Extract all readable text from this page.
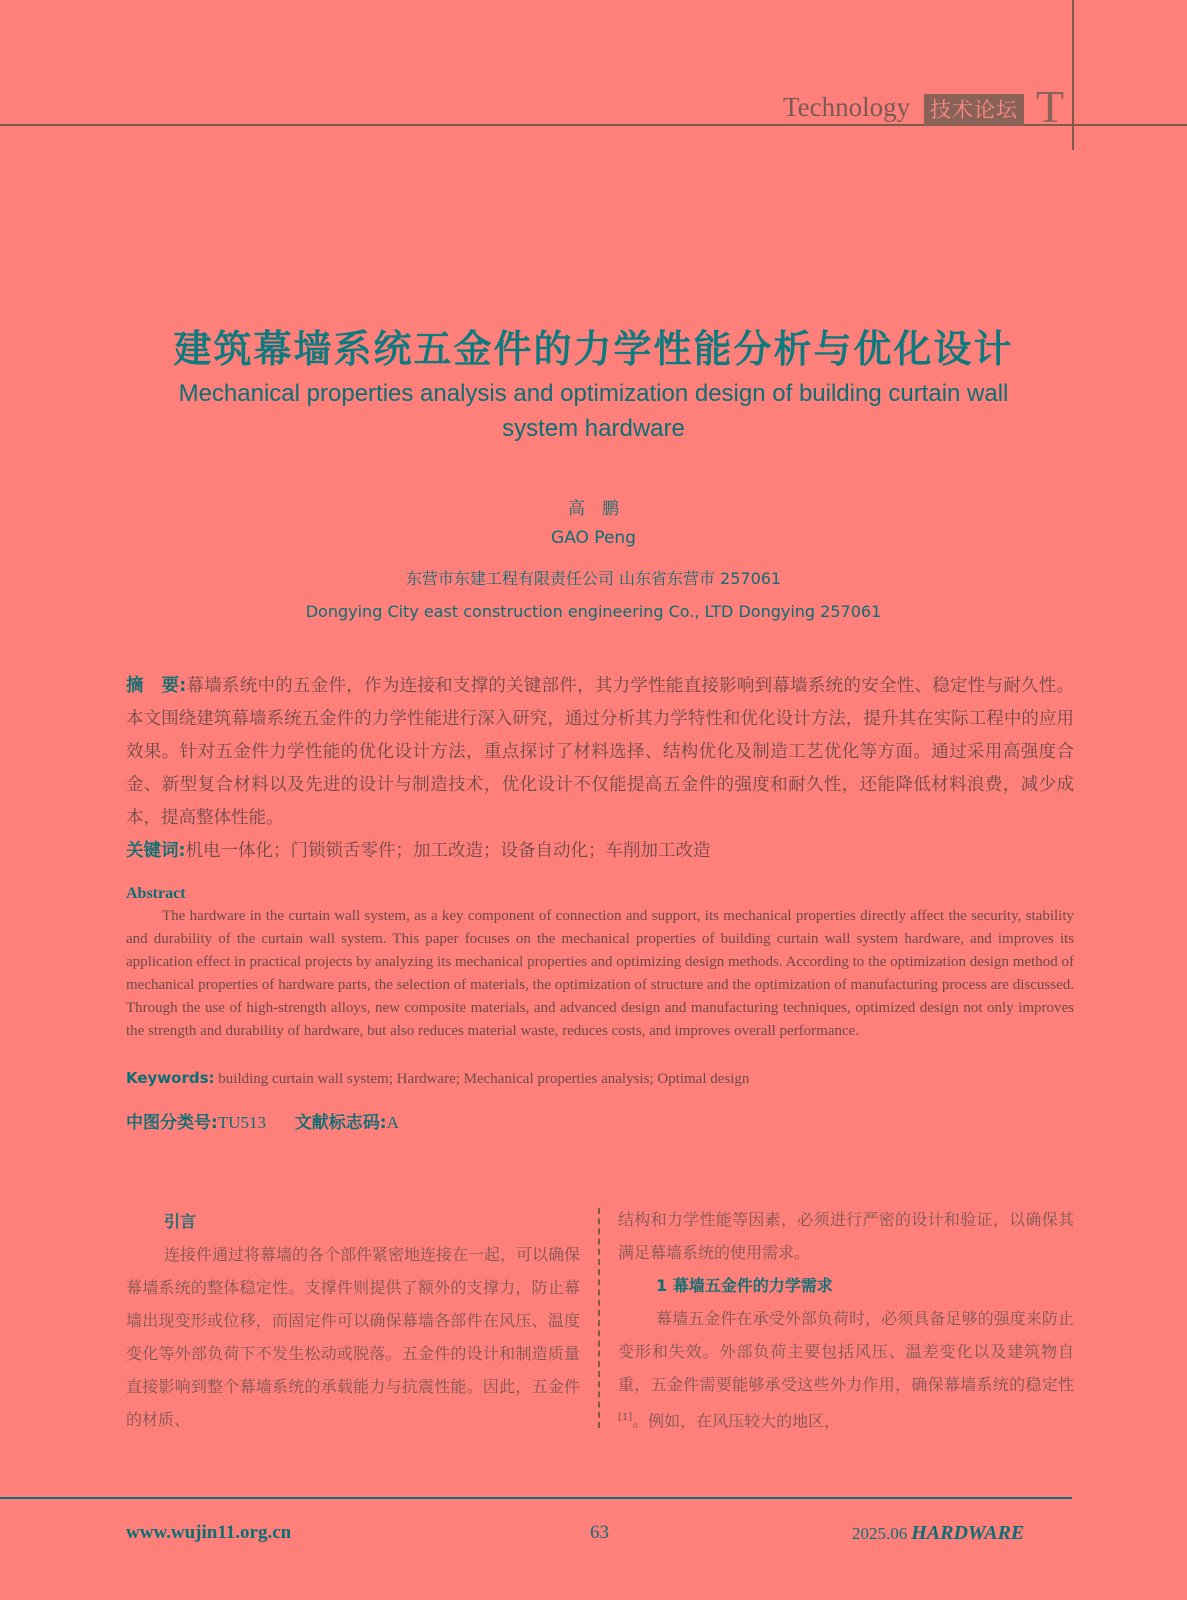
Technology 技术论坛 T
建筑幕墙系统五金件的力学性能分析与优化设计
Mechanical properties analysis and optimization design of building curtain wall system hardware
高　鹏
GAO Peng
东营市东建工程有限责任公司 山东省东营市 257061
Dongying City east construction engineering Co., LTD Dongying 257061
摘　要:幕墙系统中的五金件，作为连接和支撑的关键部件，其力学性能直接影响到幕墙系统的安全性、稳定性与耐久性。本文围绕建筑幕墙系统五金件的力学性能进行深入研究，通过分析其力学特性和优化设计方法，提升其在实际工程中的应用效果。针对五金件力学性能的优化设计方法，重点探讨了材料选择、结构优化及制造工艺优化等方面。通过采用高强度合金、新型复合材料以及先进的设计与制造技术，优化设计不仅能提高五金件的强度和耐久性，还能降低材料浪费，减少成本，提高整体性能。
关键词:机电一体化；门锁锁舌零件；加工改造；设备自动化；车削加工改造
Abstract
The hardware in the curtain wall system, as a key component of connection and support, its mechanical properties directly affect the security, stability and durability of the curtain wall system. This paper focuses on the mechanical properties of building curtain wall system hardware, and improves its application effect in practical projects by analyzing its mechanical properties and optimizing design methods. According to the optimization design method of mechanical properties of hardware parts, the selection of materials, the optimization of structure and the optimization of manufacturing process are discussed. Through the use of high-strength alloys, new composite materials, and advanced design and manufacturing techniques, optimized design not only improves the strength and durability of hardware, but also reduces material waste, reduces costs, and improves overall performance.
Keywords: building curtain wall system; Hardware; Mechanical properties analysis; Optimal design
中图分类号:TU513 文献标志码:A
引言
连接件通过将幕墙的各个部件紧密地连接在一起，可以确保幕墙系统的整体稳定性。支撑件则提供了额外的支撑力，防止幕墙出现变形或位移，而固定件可以确保幕墙各部件在风压、温度变化等外部负荷下不发生松动或脱落。五金件的设计和制造质量直接影响到整个幕墙系统的承载能力与抗震性能。因此，五金件的材质、
结构和力学性能等因素，必须进行严密的设计和验证，以确保其满足幕墙系统的使用需求。
1 幕墙五金件的力学需求
幕墙五金件在承受外部负荷时，必须具备足够的强度来防止变形和失效。外部负荷主要包括风压、温差变化以及建筑物自重，五金件需要能够承受这些外力作用，确保幕墙系统的稳定性[1]。例如，在风压较大的地区，
www.wujin11.org.cn	63	2025.06 HARDWARE
